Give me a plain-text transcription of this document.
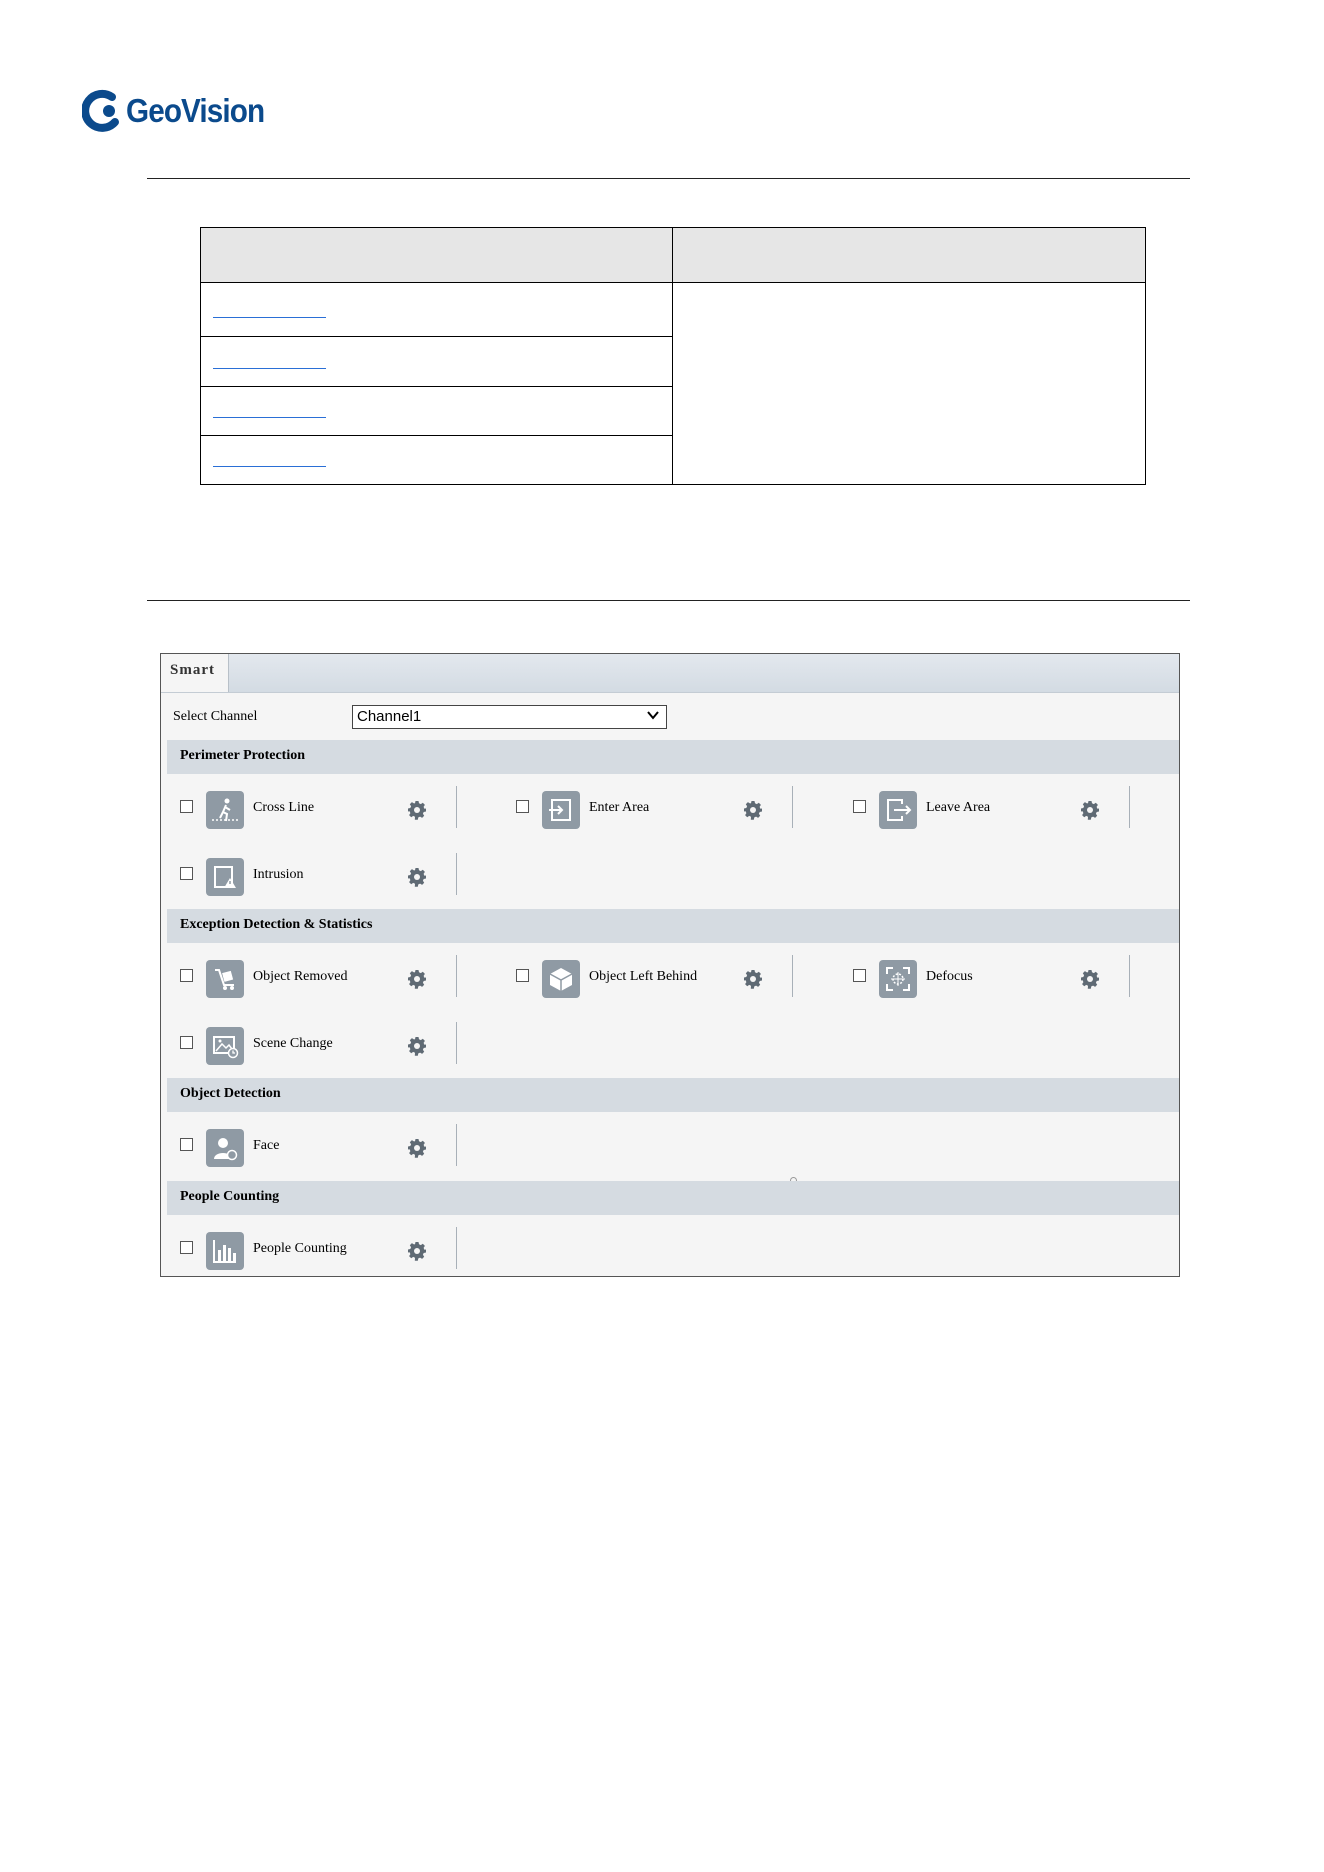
GeoVision
Smart
Select Channel	Channel1
Perimeter Protection
Cross Line	Enter Area	Leave Area
Intrusion
Exception Detection & Statistics
Object Removed	Object Left Behind	Defocus
Scene Change
Object Detection
Face
People Counting
People Counting
